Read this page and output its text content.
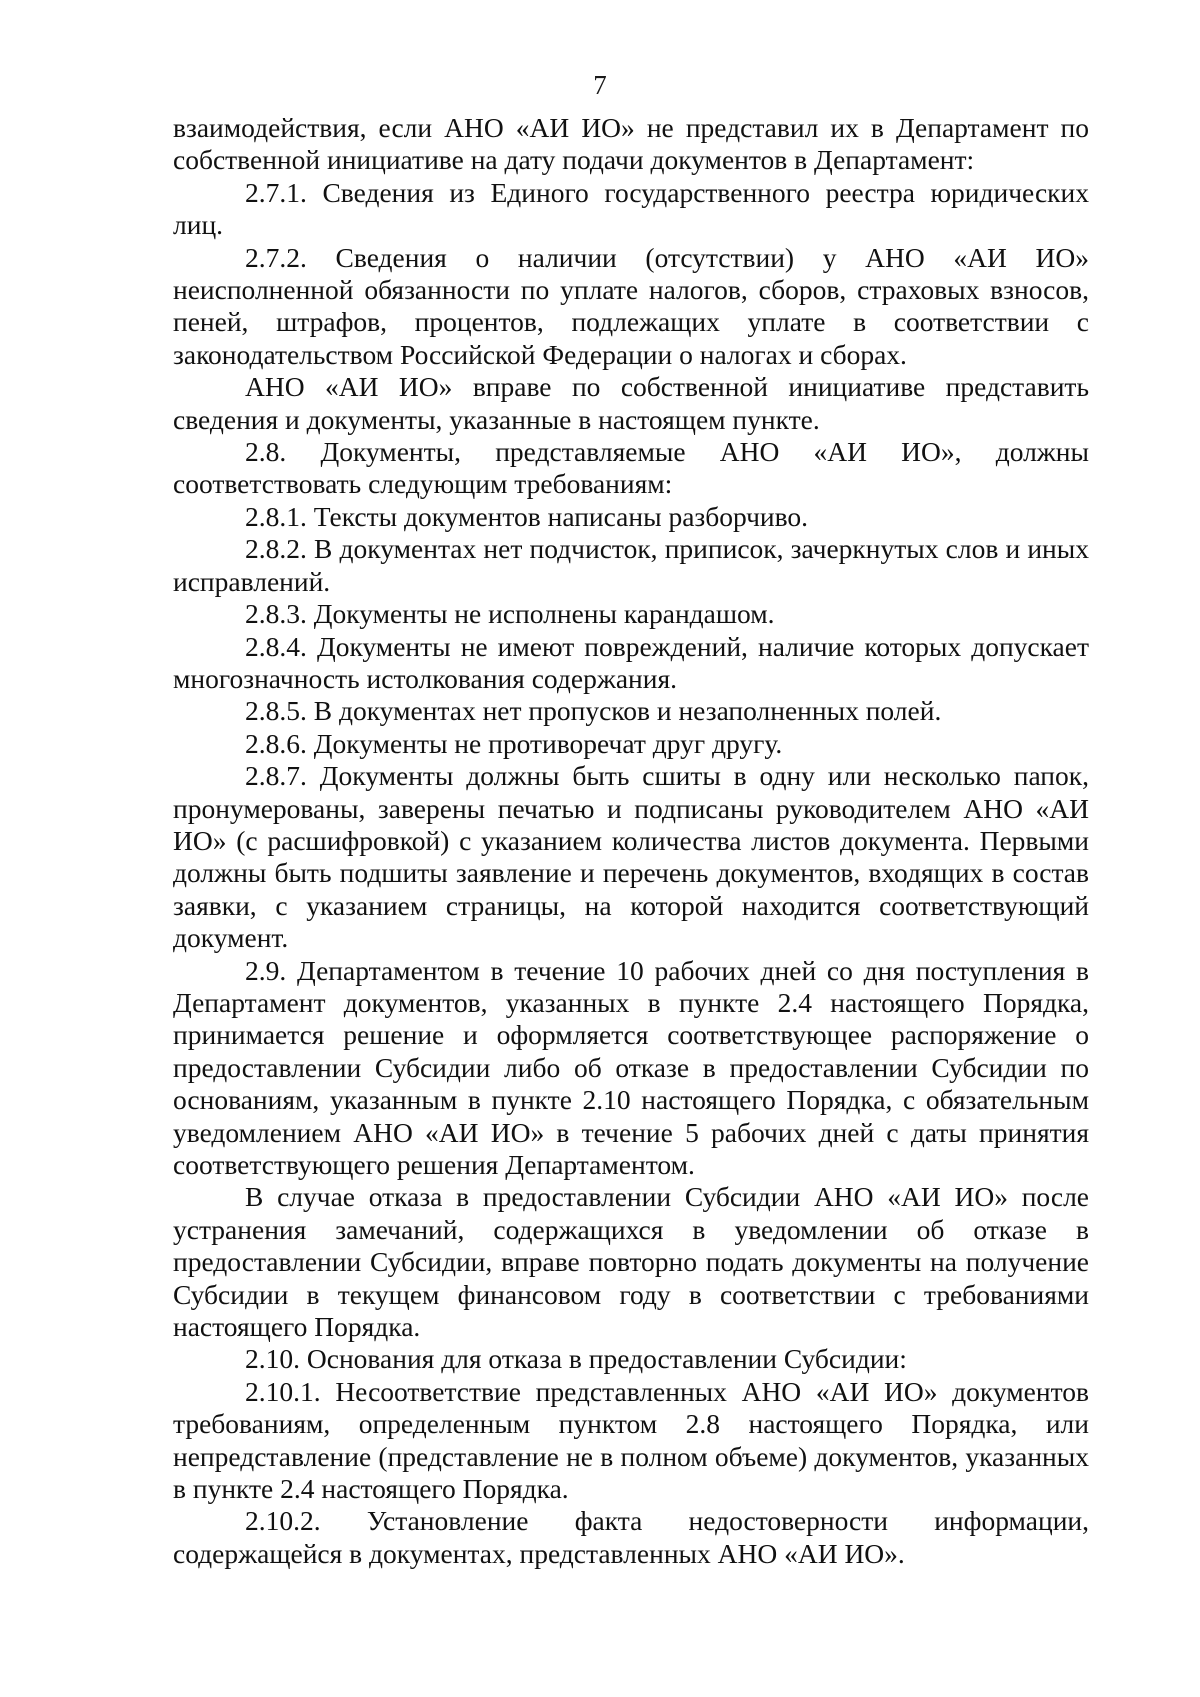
7

взаимодействия, если АНО «АИ ИО» не представил их в Департамент по собственной инициативе на дату подачи документов в Департамент:

2.7.1. Сведения из Единого государственного реестра юридических лиц.

2.7.2. Сведения о наличии (отсутствии) у АНО «АИ ИО» неисполненной обязанности по уплате налогов, сборов, страховых взносов, пеней, штрафов, процентов, подлежащих уплате в соответствии с законодательством Российской Федерации о налогах и сборах.

АНО «АИ ИО» вправе по собственной инициативе представить сведения и документы, указанные в настоящем пункте.

2.8. Документы, представляемые АНО «АИ ИО», должны соответствовать следующим требованиям:

2.8.1. Тексты документов написаны разборчиво.

2.8.2. В документах нет подчисток, приписок, зачеркнутых слов и иных исправлений.

2.8.3. Документы не исполнены карандашом.

2.8.4. Документы не имеют повреждений, наличие которых допускает многозначность истолкования содержания.

2.8.5. В документах нет пропусков и незаполненных полей.

2.8.6. Документы не противоречат друг другу.

2.8.7. Документы должны быть сшиты в одну или несколько папок, пронумерованы, заверены печатью и подписаны руководителем АНО «АИ ИО» (с расшифровкой) с указанием количества листов документа. Первыми должны быть подшиты заявление и перечень документов, входящих в состав заявки, с указанием страницы, на которой находится соответствующий документ.

2.9. Департаментом в течение 10 рабочих дней со дня поступления в Департамент документов, указанных в пункте 2.4 настоящего Порядка, принимается решение и оформляется соответствующее распоряжение о предоставлении Субсидии либо об отказе в предоставлении Субсидии по основаниям, указанным в пункте 2.10 настоящего Порядка, с обязательным уведомлением АНО «АИ ИО» в течение 5 рабочих дней с даты принятия соответствующего решения Департаментом.

В случае отказа в предоставлении Субсидии АНО «АИ ИО» после устранения замечаний, содержащихся в уведомлении об отказе в предоставлении Субсидии, вправе повторно подать документы на получение Субсидии в текущем финансовом году в соответствии с требованиями настоящего Порядка.

2.10. Основания для отказа в предоставлении Субсидии:

2.10.1. Несоответствие представленных АНО «АИ ИО» документов требованиям, определенным пунктом 2.8 настоящего Порядка, или непредставление (представление не в полном объеме) документов, указанных в пункте 2.4 настоящего Порядка.

2.10.2. Установление факта недостоверности информации, содержащейся в документах, представленных АНО «АИ ИО».
